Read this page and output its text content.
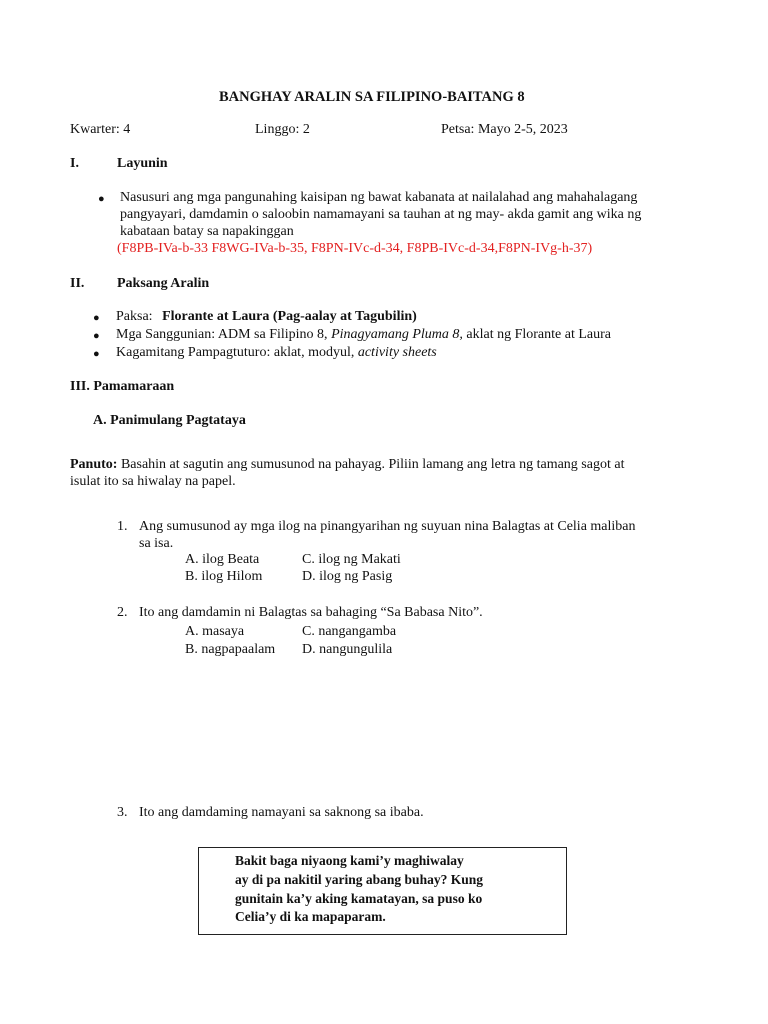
BANGHAY ARALIN SA FILIPINO-BAITANG 8
Kwarter: 4	Linggo: 2	Petsa: Mayo 2-5, 2023
I.	Layunin
● Nasusuri ang mga pangunahing kaisipan ng bawat kabanata at nailalahad ang mahahalagang
pangyayari, damdamin o saloobin namamayani sa tauhan at ng may- akda gamit ang wika ng
kabataan batay sa napakinggan
(F8PB-IVa-b-33 F8WG-IVa-b-35, F8PN-IVc-d-34, F8PB-IVc-d-34,F8PN-IVg-h-37)
II. Paksang Aralin
● Paksa: Florante at Laura (Pag-aalay at Tagubilin)
● Mga Sanggunian: ADM sa Filipino 8, Pinagyamang Pluma 8, aklat ng Florante at Laura
● Kagamitang Pampagtuturo: aklat, modyul, activity sheets
III. Pamamaraan
A. Panimulang Pagtataya
Panuto: Basahin at sagutin ang sumusunod na pahayag. Piliin lamang ang letra ng tamang sagot at
isulat ito sa hiwalay na papel.
1. Ang sumusunod ay mga ilog na pinangyarihan ng suyuan nina Balagtas at Celia maliban
sa isa.
A. ilog Beata	C. ilog ng Makati
B. ilog Hilom	D. ilog ng Pasig
2. Ito ang damdamin ni Balagtas sa bahaging “Sa Babasa Nito”.
A. masaya	C. nangangamba
B. nagpapaalam D. nangungulila
3. Ito ang damdaming namayani sa saknong sa ibaba.
Bakit baga niyaong kami’y maghiwalay
ay di pa nakitil yaring abang buhay? Kung
gunitain ka’y aking kamatayan, sa puso ko
Celia’y di ka mapaparam.
